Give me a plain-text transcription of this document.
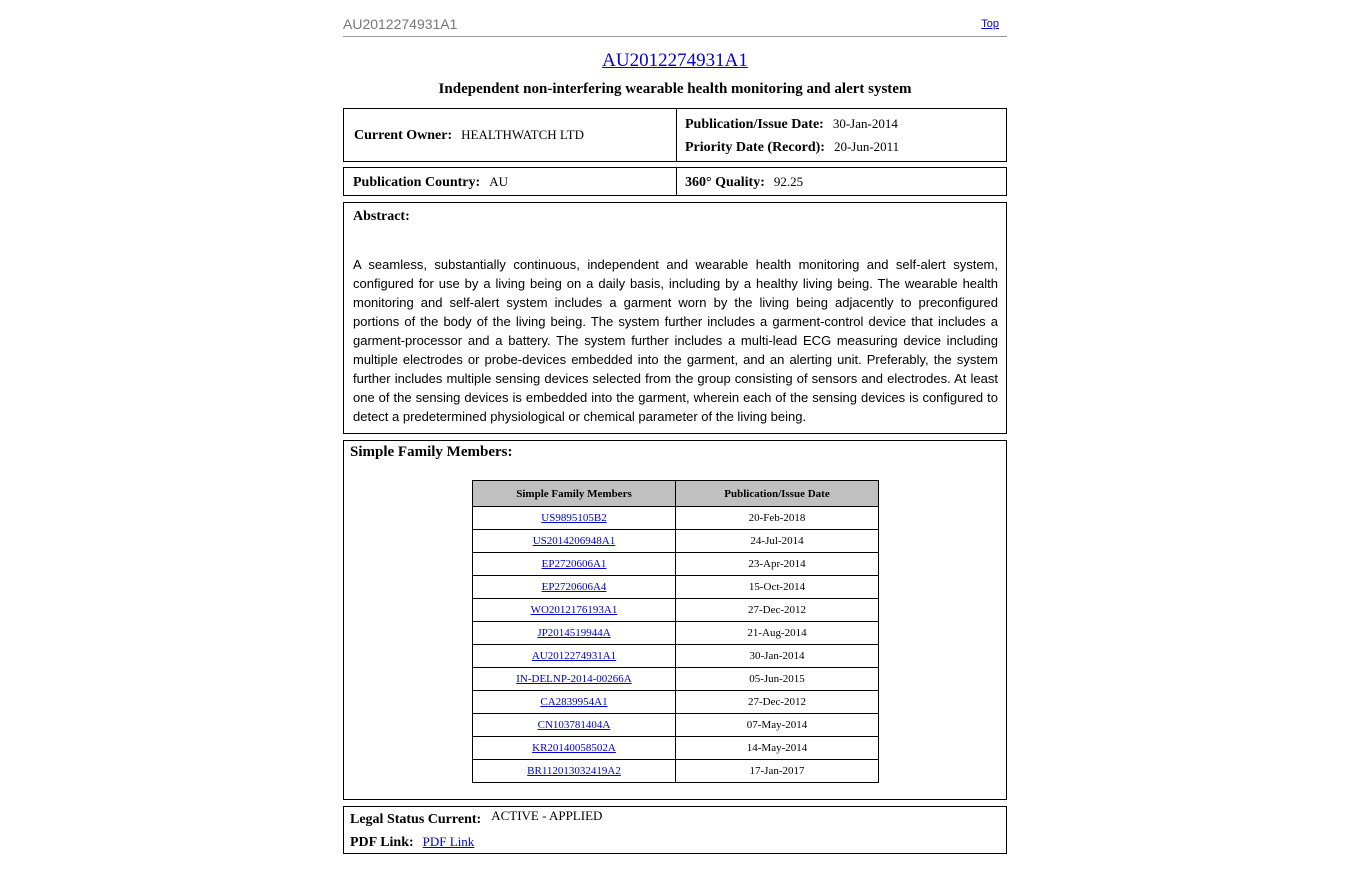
AU2012274931A1	Top
AU2012274931A1
Independent non-interfering wearable health monitoring and alert system
Current Owner: HEALTHWATCH LTD
Publication/Issue Date: 30-Jan-2014
Priority Date (Record): 20-Jun-2011
Publication Country: AU	360° Quality: 92.25
Abstract:
A seamless, substantially continuous, independent and wearable health monitoring and self-alert system, configured for use by a living being on a daily basis, including by a healthy living being. The wearable health monitoring and self-alert system includes a garment worn by the living being adjacently to preconfigured portions of the body of the living being. The system further includes a garment-control device that includes a garment-processor and a battery. The system further includes a multi-lead ECG measuring device including multiple electrodes or probe-devices embedded into the garment, and an alerting unit. Preferably, the system further includes multiple sensing devices selected from the group consisting of sensors and electrodes. At least one of the sensing devices is embedded into the garment, wherein each of the sensing devices is configured to detect a predetermined physiological or chemical parameter of the living being.
Simple Family Members:
Simple Family Members	Publication/Issue Date
US9895105B2	20-Feb-2018
US2014206948A1	24-Jul-2014
EP2720606A1	23-Apr-2014
EP2720606A4	15-Oct-2014
WO2012176193A1	27-Dec-2012
JP2014519944A	21-Aug-2014
AU2012274931A1	30-Jan-2014
IN-DELNP-2014-00266A	05-Jun-2015
CA2839954A1	27-Dec-2012
CN103781404A	07-May-2014
KR20140058502A	14-May-2014
BR112013032419A2	17-Jan-2017
Legal Status Current: ACTIVE - APPLIED
PDF Link: PDF Link
